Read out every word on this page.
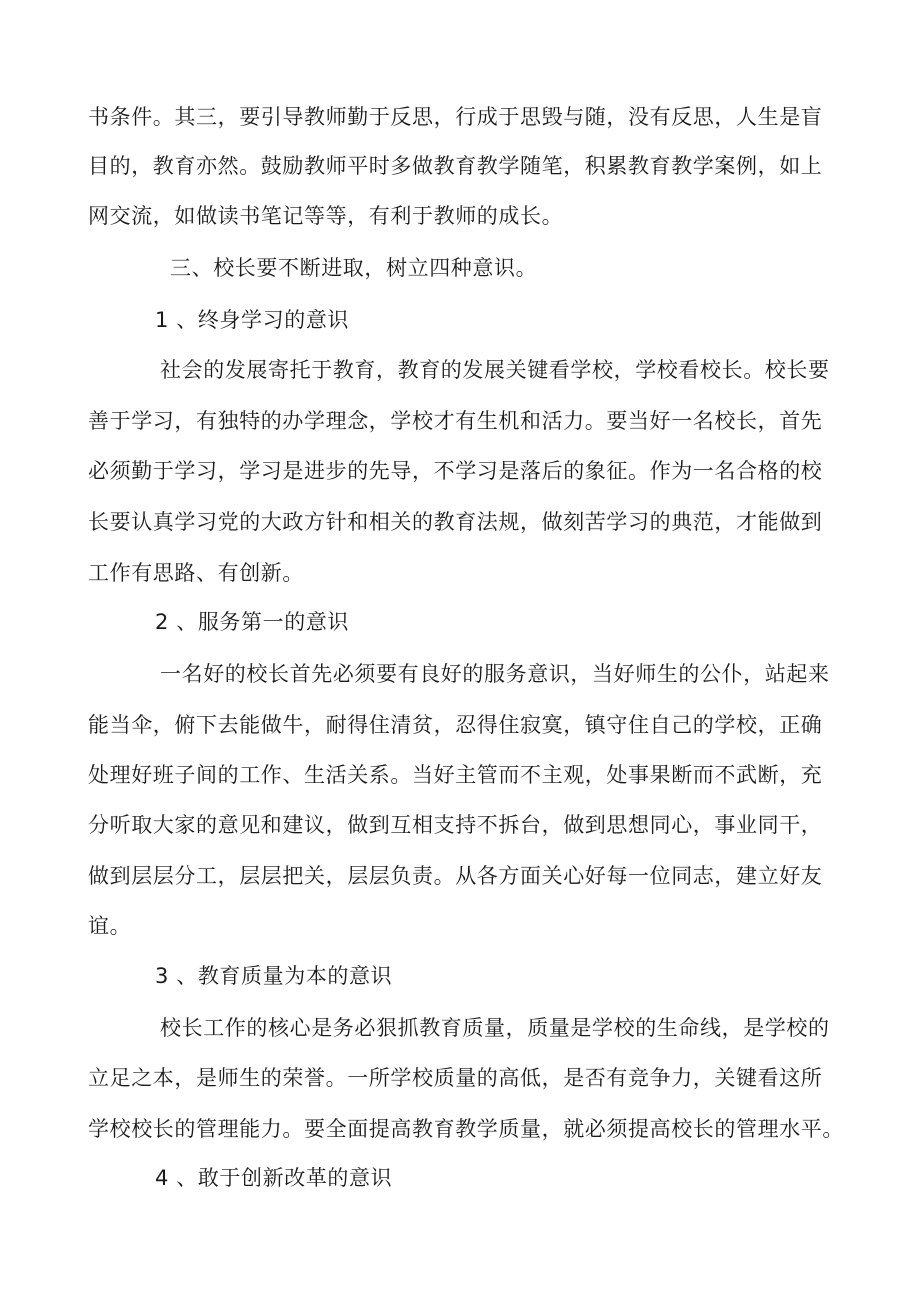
书条件。其三，要引导教师勤于反思，行成于思毁与随，没有反思，人生是盲
目的，教育亦然。鼓励教师平时多做教育教学随笔，积累教育教学案例，如上
网交流，如做读书笔记等等，有利于教师的成长。
三、校长要不断进取，树立四种意识。
1 、终身学习的意识
社会的发展寄托于教育，教育的发展关键看学校，学校看校长。校长要
善于学习，有独特的办学理念，学校才有生机和活力。要当好一名校长，首先
必须勤于学习，学习是进步的先导，不学习是落后的象征。作为一名合格的校
长要认真学习党的大政方针和相关的教育法规，做刻苦学习的典范，才能做到
工作有思路、有创新。
2 、服务第一的意识
一名好的校长首先必须要有良好的服务意识，当好师生的公仆，站起来
能当伞，俯下去能做牛，耐得住清贫，忍得住寂寞，镇守住自己的学校，正确
处理好班子间的工作、生活关系。当好主管而不主观，处事果断而不武断，充
分听取大家的意见和建议，做到互相支持不拆台，做到思想同心，事业同干，
做到层层分工，层层把关，层层负责。从各方面关心好每一位同志，建立好友
谊。
3 、教育质量为本的意识
校长工作的核心是务必狠抓教育质量，质量是学校的生命线，是学校的
立足之本，是师生的荣誉。一所学校质量的高低，是否有竞争力，关键看这所
学校校长的管理能力。要全面提高教育教学质量，就必须提高校长的管理水平。
4 、敢于创新改革的意识
